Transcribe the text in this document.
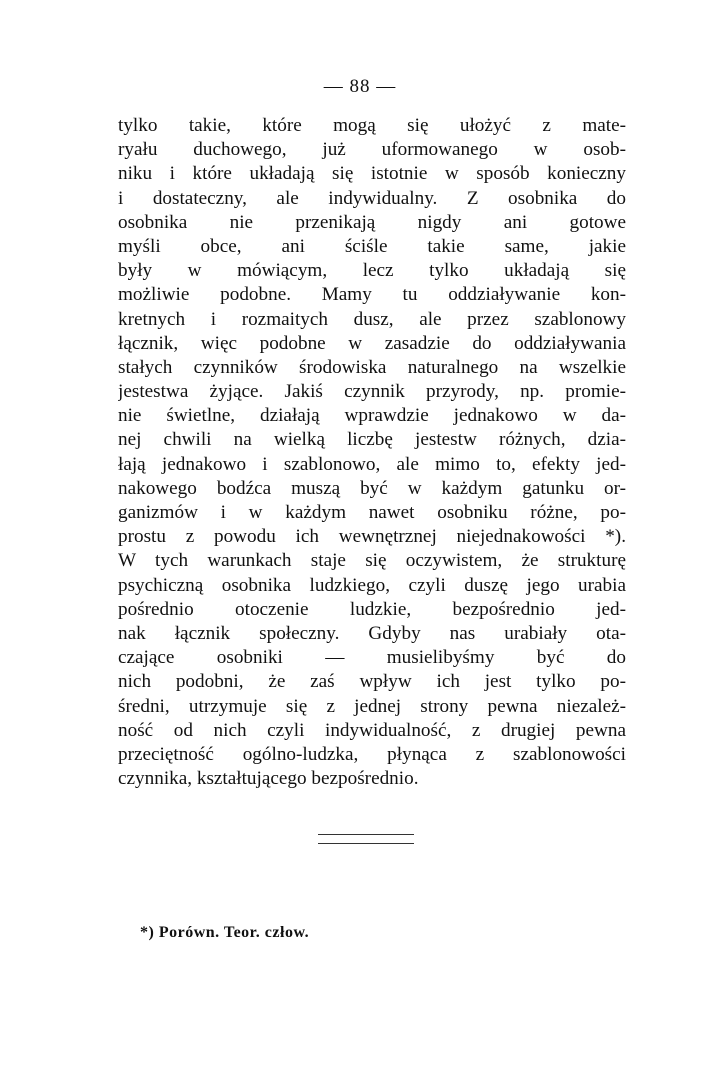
— 88 —
tylko takie, które mogą się ułożyć z mate-
ryału duchowego, już uformowanego w osob-
niku i które układają się istotnie w sposób konieczny
i dostateczny, ale indywidualny. Z osobnika do
osobnika nie przenikają nigdy ani gotowe
myśli obce, ani ściśle takie same, jakie
były w mówiącym, lecz tylko układają się
możliwie podobne. Mamy tu oddziaływanie kon-
kretnych i rozmaitych dusz, ale przez szablonowy
łącznik, więc podobne w zasadzie do oddziaływania
stałych czynników środowiska naturalnego na wszelkie
jestestwa żyjące. Jakiś czynnik przyrody, np. promie-
nie świetlne, działają wprawdzie jednakowo w da-
nej chwili na wielką liczbę jestestw różnych, dzia-
łają jednakowo i szablonowo, ale mimo to, efekty jed-
nakowego bodźca muszą być w każdym gatunku or-
ganizmów i w każdym nawet osobniku różne, po-
prostu z powodu ich wewnętrznej niejednakowości *).
W tych warunkach staje się oczywistem, że strukturę
psychiczną osobnika ludzkiego, czyli duszę jego urabia
pośrednio otoczenie ludzkie, bezpośrednio jed-
nak łącznik społeczny. Gdyby nas urabiały ota-
czające osobniki — musielibyśmy być do
nich podobni, że zaś wpływ ich jest tylko po-
średni, utrzymuje się z jednej strony pewna niezależ-
ność od nich czyli indywidualność, z drugiej pewna
przeciętność ogólno-ludzka, płynąca z szablonowości
czynnika, kształtującego bezpośrednio.
*) Porówn. Teor. człow.
